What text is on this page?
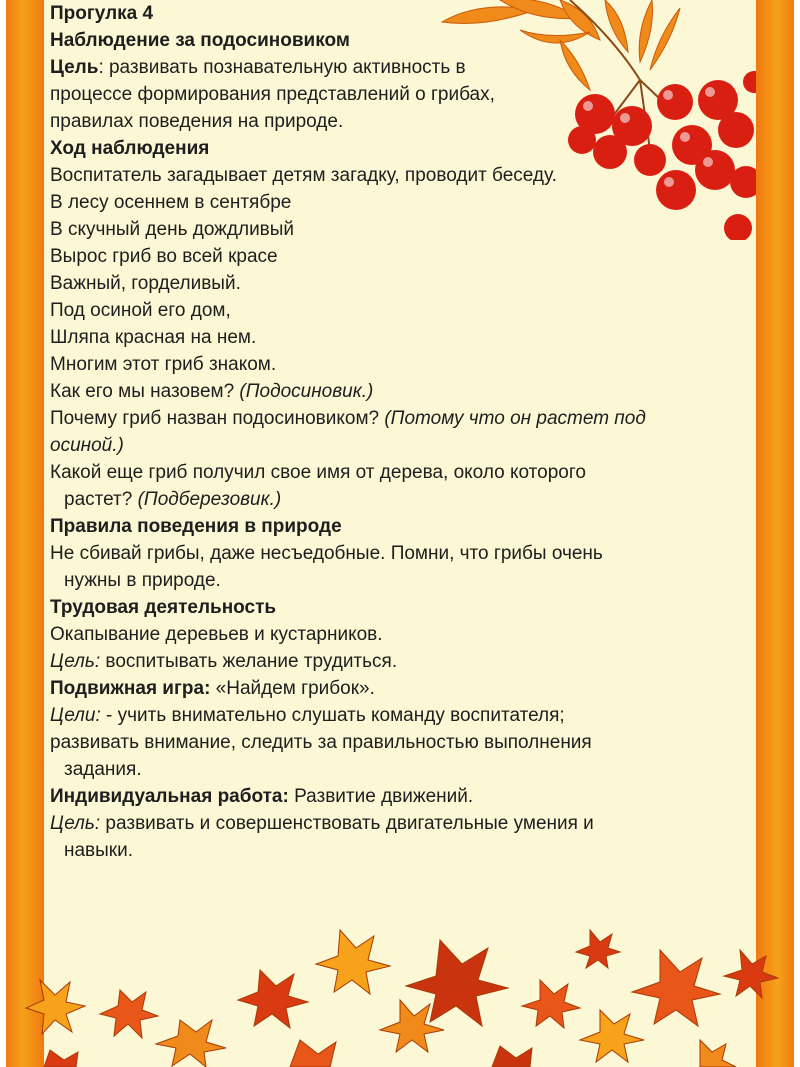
Прогулка 4

Наблюдение за подосиновиком

Цель: развивать познавательную активность в

процессе формирования представлений о грибах,

правилах поведения на природе.

Ход наблюдения

Воспитатель загадывает детям загадку, проводит беседу.

В лесу осеннем в сентябре

В скучный день дождливый

Вырос гриб во всей красе

Важный, горделивый.

Под осиной его дом,

Шляпа красная на нем.

Многим этот гриб знаком.

Как его мы назовем? (Подосиновик.)

Почему гриб назван подосиновиком? (Потому что он растет под

осиной.)

Какой еще гриб получил свое имя от дерева, около которого

растет? (Подберезовик.)

Правила поведения в природе

Не сбивай грибы, даже несъедобные. Помни, что грибы очень

нужны в природе.

Трудовая деятельность

Окапывание деревьев и кустарников.

Цель: воспитывать желание трудиться.

Подвижная игра: «Найдем грибок».

Цели: - учить внимательно слушать команду воспитателя;

развивать внимание, следить за правильностью выполнения

задания.

Индивидуальная работа: Развитие движений.

Цель: развивать и совершенствовать двигательные умения и

навыки.
